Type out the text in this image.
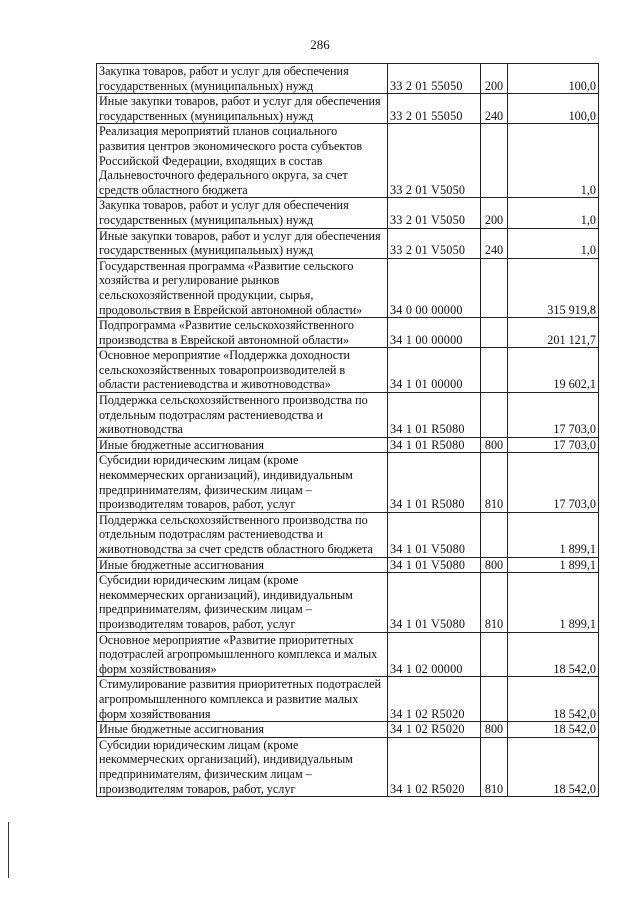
286
Закупка товаров, работ и услуг для обеспечения государственных (муниципальных) нужд	33 2 01 55050	200	100,0
Иные закупки товаров, работ и услуг для обеспечения государственных (муниципальных) нужд	33 2 01 55050	240	100,0
Реализация мероприятий планов социального развития центров экономического роста субъектов Российской Федерации, входящих в состав Дальневосточного федерального округа, за счет средств областного бюджета	33 2 01 V5050		1,0
Закупка товаров, работ и услуг для обеспечения государственных (муниципальных) нужд	33 2 01 V5050	200	1,0
Иные закупки товаров, работ и услуг для обеспечения государственных (муниципальных) нужд	33 2 01 V5050	240	1,0
Государственная программа «Развитие сельского хозяйства и регулирование рынков сельскохозяйственной продукции, сырья, продовольствия в Еврейской автономной области»	34 0 00 00000		315 919,8
Подпрограмма «Развитие сельскохозяйственного производства в Еврейской автономной области»	34 1 00 00000		201 121,7
Основное мероприятие «Поддержка доходности сельскохозяйственных товаропроизводителей в области растениеводства и животноводства»	34 1 01 00000		19 602,1
Поддержка сельскохозяйственного производства по отдельным подотраслям растениеводства и животноводства	34 1 01 R5080		17 703,0
Иные бюджетные ассигнования	34 1 01 R5080	800	17 703,0
Субсидии юридическим лицам (кроме некоммерческих организаций), индивидуальным предпринимателям, физическим лицам – производителям товаров, работ, услуг	34 1 01 R5080	810	17 703,0
Поддержка сельскохозяйственного производства по отдельным подотраслям растениеводства и животноводства за счет средств областного бюджета	34 1 01 V5080		1 899,1
Иные бюджетные ассигнования	34 1 01 V5080	800	1 899,1
Субсидии юридическим лицам (кроме некоммерческих организаций), индивидуальным предпринимателям, физическим лицам – производителям товаров, работ, услуг	34 1 01 V5080	810	1 899,1
Основное мероприятие «Развитие приоритетных подотраслей агропромышленного комплекса и малых форм хозяйствования»	34 1 02 00000		18 542,0
Стимулирование развития приоритетных подотраслей агропромышленного комплекса и развитие малых форм хозяйствования	34 1 02 R5020		18 542,0
Иные бюджетные ассигнования	34 1 02 R5020	800	18 542,0
Субсидии юридическим лицам (кроме некоммерческих организаций), индивидуальным предпринимателям, физическим лицам – производителям товаров, работ, услуг	34 1 02 R5020	810	18 542,0
